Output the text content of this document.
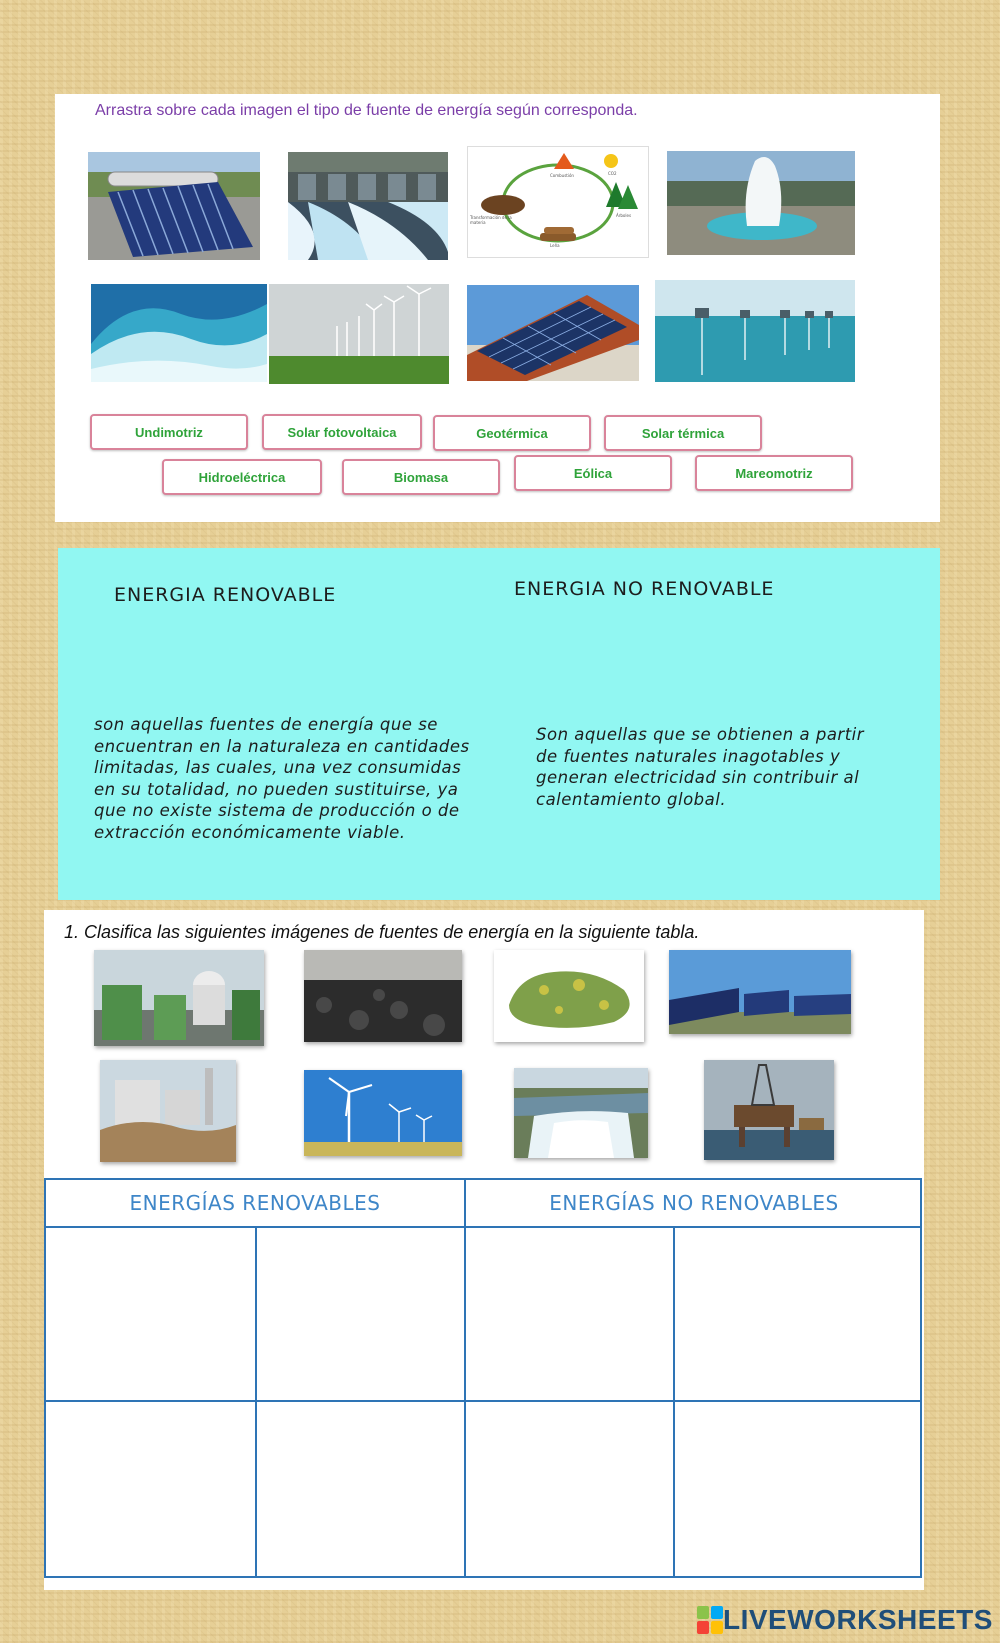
Arrastra sobre cada imagen el tipo de fuente de energía según corresponda.
Transformación de la materia
Combustión	CO2
Árboles
Leña
Undimotriz	Solar fotovoltaica	Geotérmica	Solar térmica
Hidroeléctrica	Biomasa	Eólica	Mareomotriz
ENERGIA RENOVABLE	ENERGIA NO RENOVABLE
son aquellas fuentes de energía que se encuentran en la naturaleza en cantidades limitadas, las cuales, una vez consumidas en su totalidad, no pueden sustituirse, ya que no existe sistema de producción o de extracción económicamente viable.
Son aquellas que se obtienen a partir de fuentes naturales inagotables y generan electricidad sin contribuir al calentamiento global.
1. Clasifica las siguientes imágenes de fuentes de energía en la siguiente tabla.
ENERGÍAS RENOVABLES	ENERGÍAS NO RENOVABLES
LIVEWORKSHEETS
